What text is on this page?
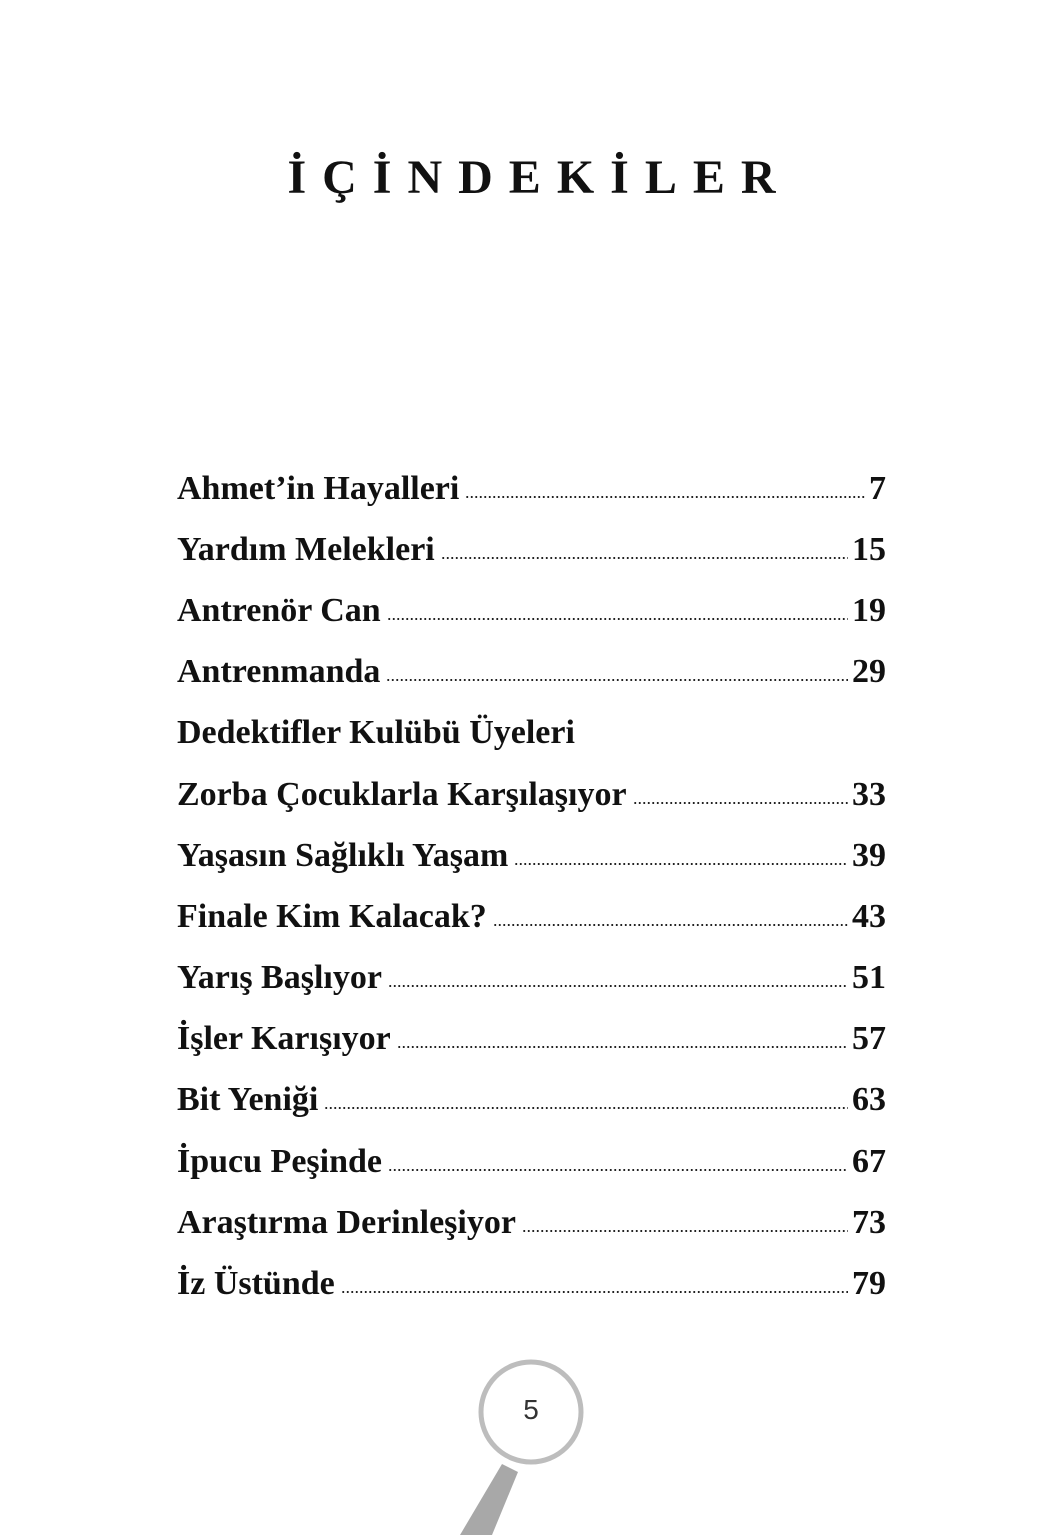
İÇİNDEKİLER
Ahmet’in Hayalleri	7
Yardım Melekleri	15
Antrenör Can	19
Antrenmanda	29
Dedektifler Kulübü Üyeleri
Zorba Çocuklarla Karşılaşıyor	33
Yaşasın Sağlıklı Yaşam	39
Finale Kim Kalacak?	43
Yarış Başlıyor	51
İşler Karışıyor	57
Bit Yeniği	63
İpucu Peşinde	67
Araştırma Derinleşiyor	73
İz Üstünde	79
5
